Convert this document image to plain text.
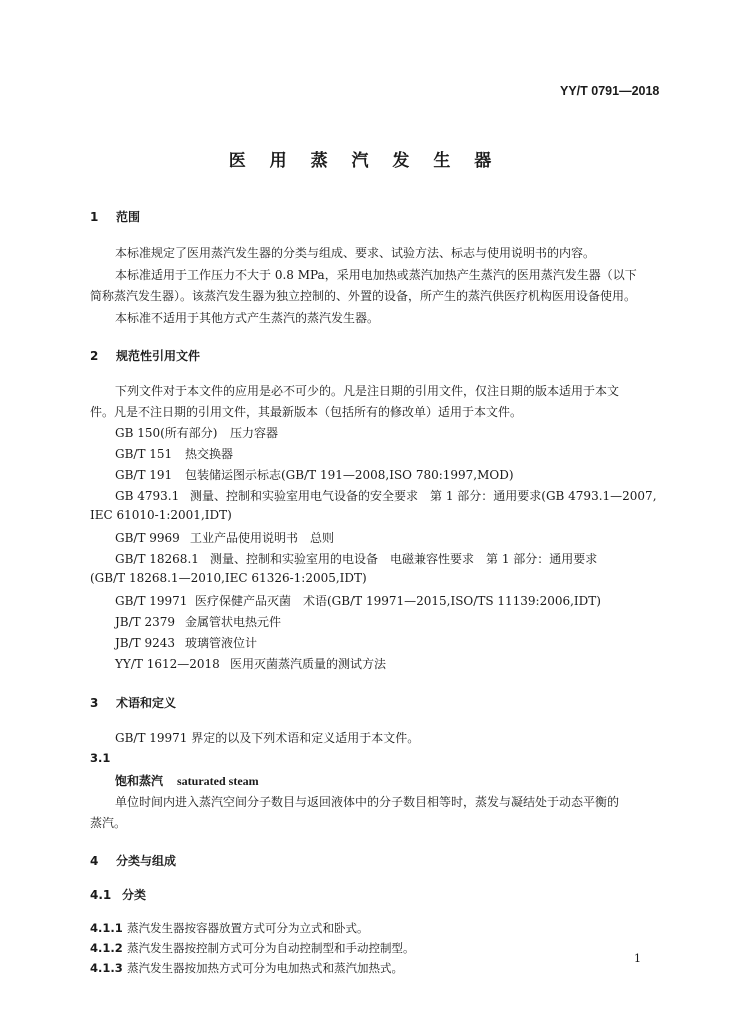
YY/T 0791—2018
医 用 蒸 汽 发 生 器
1 范围
本标准规定了医用蒸汽发生器的分类与组成、要求、试验方法、标志与使用说明书的内容。
本标准适用于工作压力不大于 0.8 MPa，采用电加热或蒸汽加热产生蒸汽的医用蒸汽发生器（以下
简称蒸汽发生器）。该蒸汽发生器为独立控制的、外置的设备，所产生的蒸汽供医疗机构医用设备使用。
本标准不适用于其他方式产生蒸汽的蒸汽发生器。
2 规范性引用文件
下列文件对于本文件的应用是必不可少的。凡是注日期的引用文件，仅注日期的版本适用于本文
件。凡是不注日期的引用文件，其最新版本（包括所有的修改单）适用于本文件。
GB 150(所有部分) 压力容器
GB/T 151 热交换器
GB/T 191 包装储运图示标志(GB/T 191—2008,ISO 780:1997,MOD)
GB 4793.1 测量、控制和实验室用电气设备的安全要求　第 1 部分：通用要求(GB 4793.1—2007,
IEC 61010-1:2001,IDT)
GB/T 9969 工业产品使用说明书　总则
GB/T 18268.1 测量、控制和实验室用的电设备　电磁兼容性要求　第 1 部分：通用要求
(GB/T 18268.1—2010,IEC 61326-1:2005,IDT)
GB/T 19971 医疗保健产品灭菌　术语(GB/T 19971—2015,ISO/TS 11139:2006,IDT)
JB/T 2379 金属管状电热元件
JB/T 9243 玻璃管液位计
YY/T 1612—2018 医用灭菌蒸汽质量的测试方法
3 术语和定义
GB/T 19971 界定的以及下列术语和定义适用于本文件。
3.1
饱和蒸汽 saturated steam
单位时间内进入蒸汽空间分子数目与返回液体中的分子数目相等时，蒸发与凝结处于动态平衡的
蒸汽。
4 分类与组成
4.1 分类
4.1.1 蒸汽发生器按容器放置方式可分为立式和卧式。
4.1.2 蒸汽发生器按控制方式可分为自动控制型和手动控制型。
4.1.3 蒸汽发生器按加热方式可分为电加热式和蒸汽加热式。
1
